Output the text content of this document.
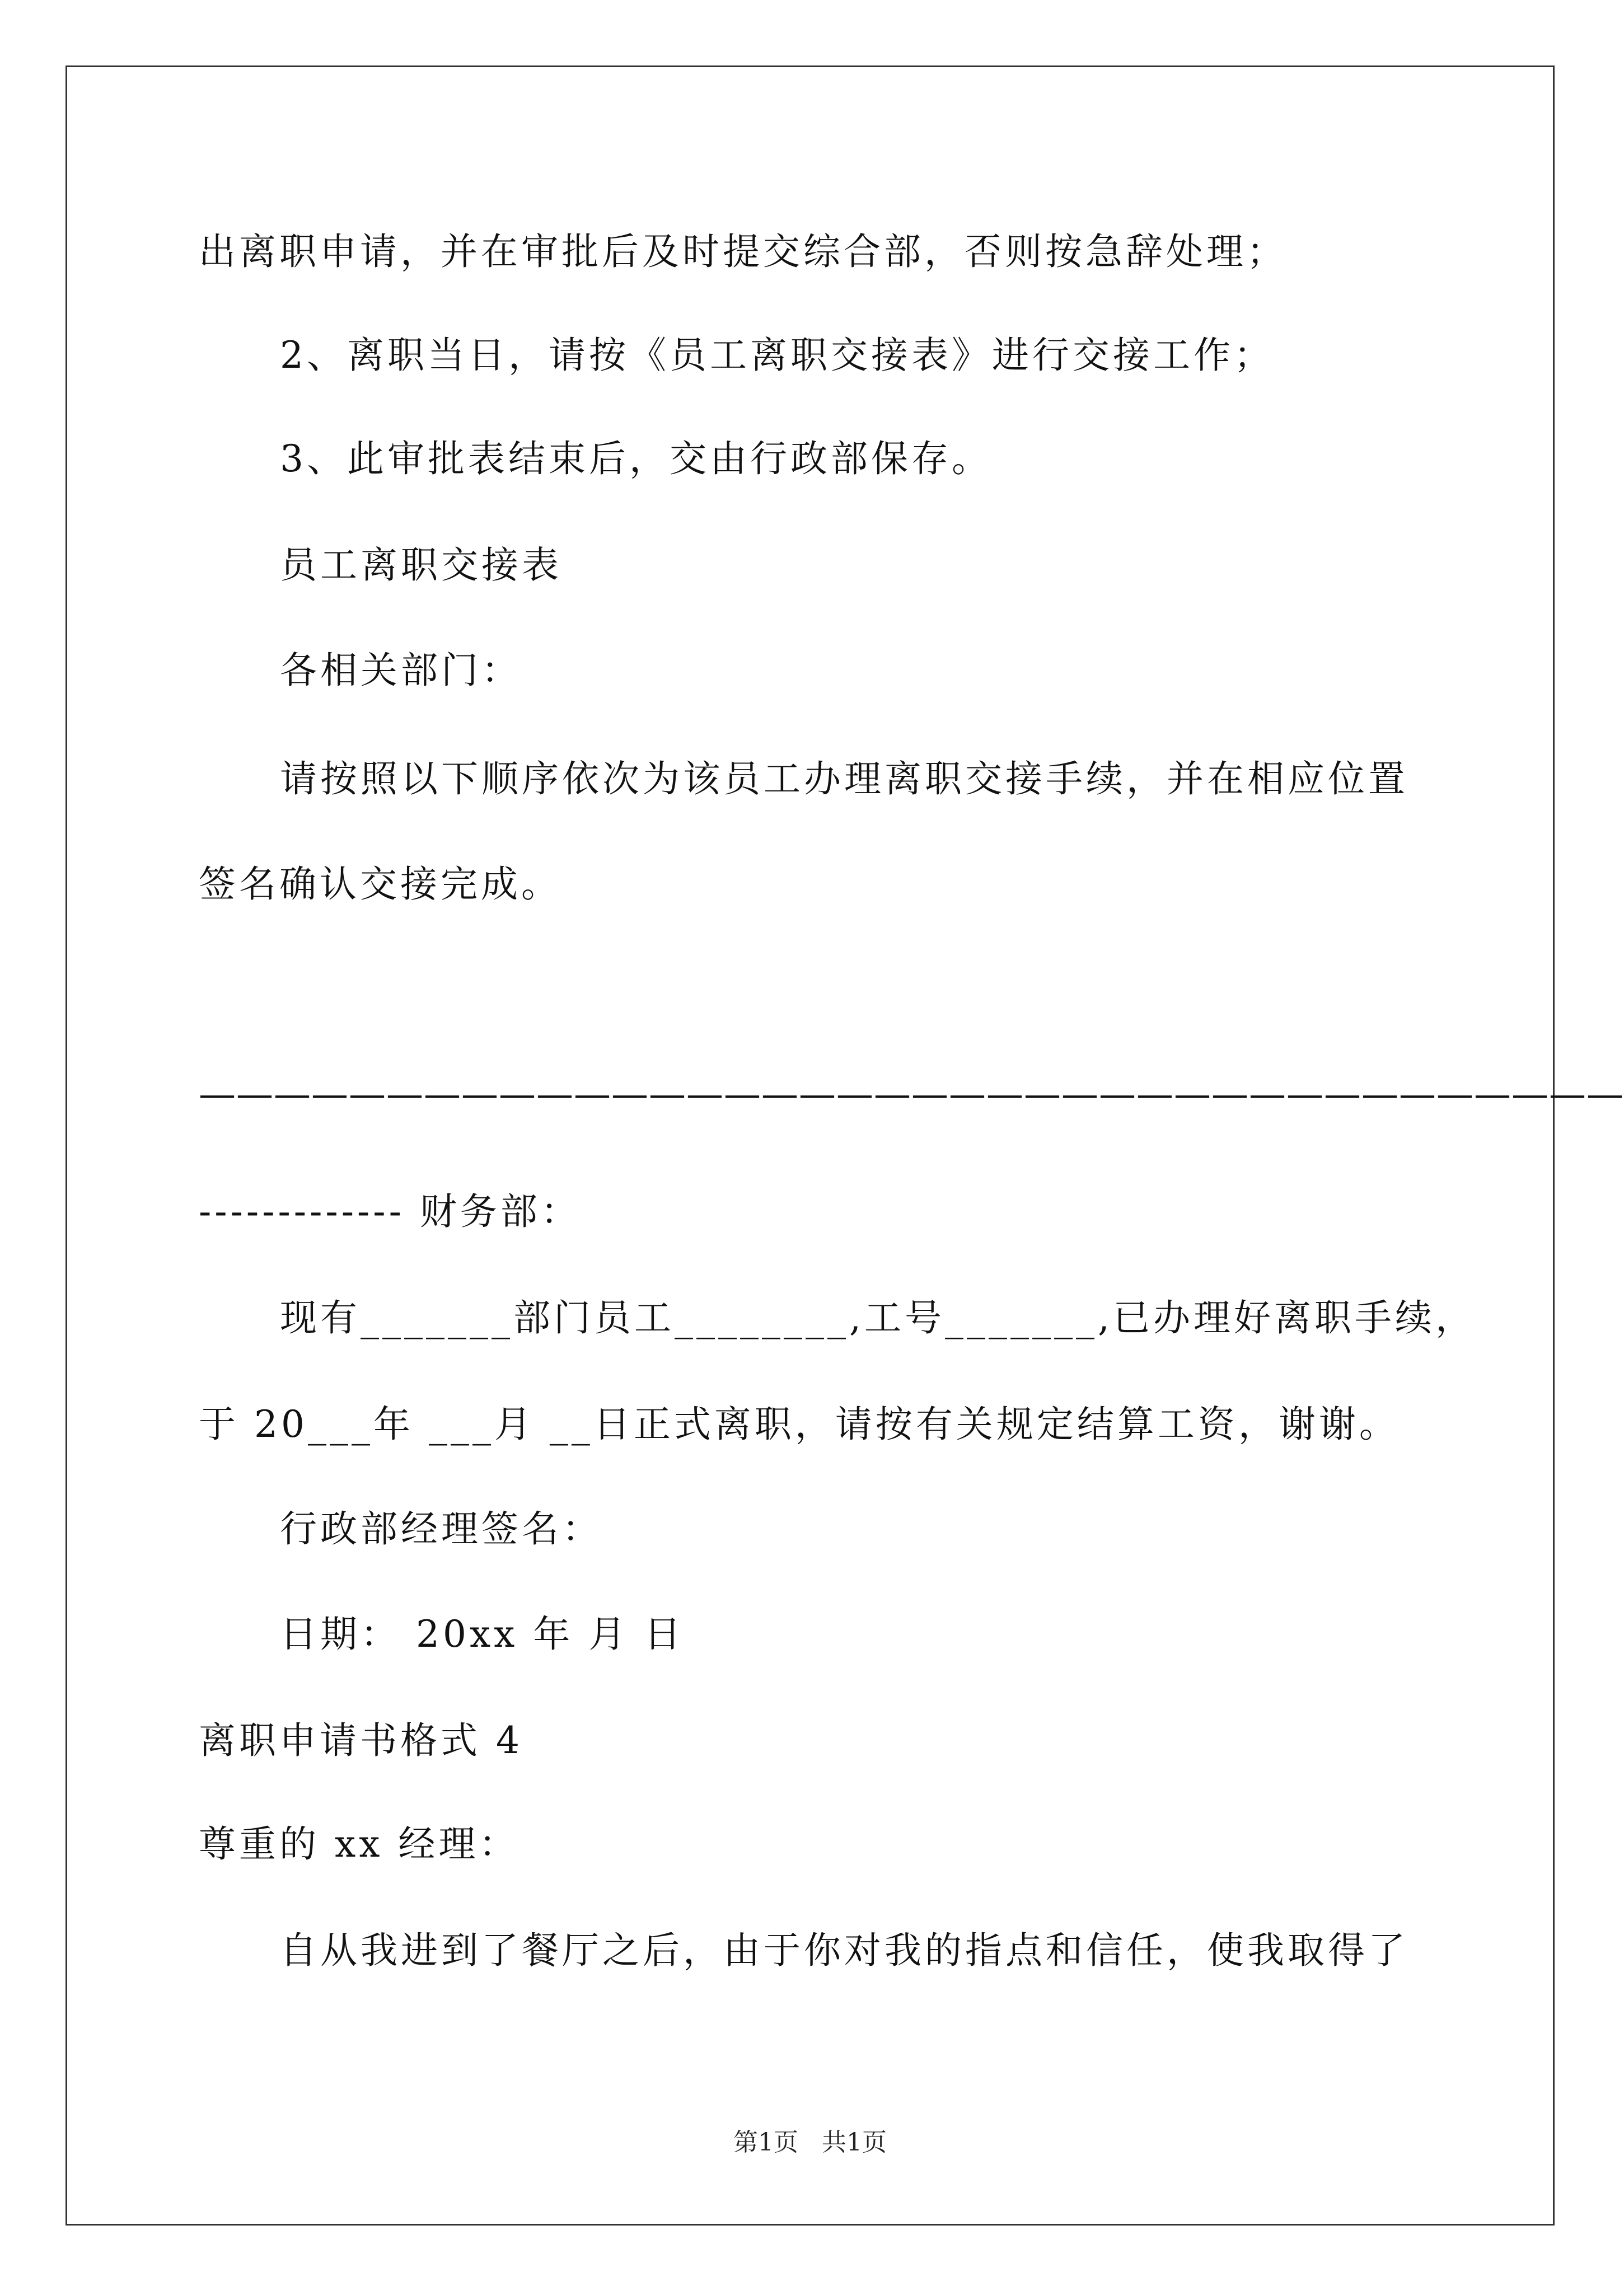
出离职申请，并在审批后及时提交综合部，否则按急辞处理；
2、离职当日，请按《员工离职交接表》进行交接工作；
3、此审批表结束后，交由行政部保存。
员工离职交接表
各相关部门：
请按照以下顺序依次为该员工办理离职交接手续，并在相应位置
签名确认交接完成。
——————————————————————————————————————
------------- 财务部：
现有_______部门员工________,工号_______,已办理好离职手续，
于 20___年 ___月 __日正式离职，请按有关规定结算工资，谢谢。
行政部经理签名：
日期： 20xx 年 月 日
离职申请书格式 4
尊重的 xx 经理：
自从我进到了餐厅之后，由于你对我的指点和信任，使我取得了
第1页   共1页
